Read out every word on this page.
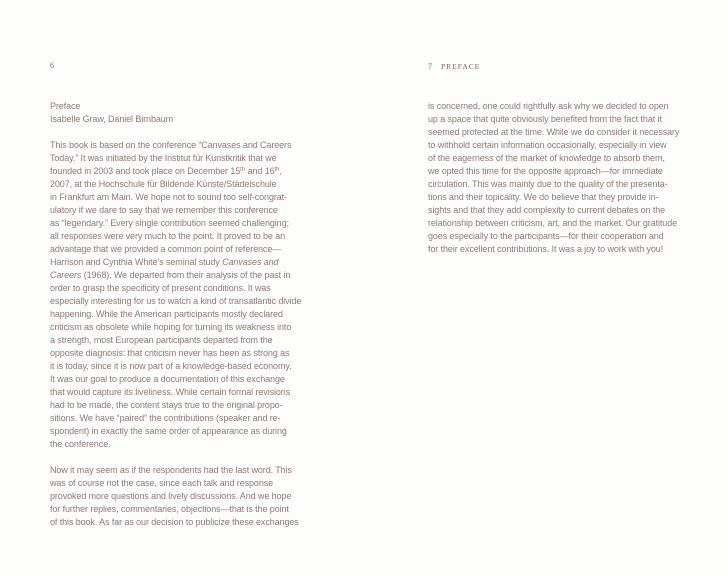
6
Preface
Isabelle Graw, Daniel Birnbaum
This book is based on the conference “Canvases and Careers
Today.” It was initiated by the Institut für Kunstkritik that we
founded in 2003 and took place on December 15th and 16th,
2007, at the Hochschule für Bildende Künste/Städelschule
in Frankfurt am Main. We hope not to sound too self-congrat-
ulatory if we dare to say that we remember this conference
as “legendary.” Every single contribution seemed challenging;
all responses were very much to the point. It proved to be an
advantage that we provided a common point of reference—
Harrison and Cynthia White’s seminal study Canvases and
Careers (1968). We departed from their analysis of the past in
order to grasp the specificity of present conditions. It was
especially interesting for us to watch a kind of transatlantic divide
happening. While the American participants mostly declared
criticism as obsolete while hoping for turning its weakness into
a strength, most European participants departed from the
opposite diagnosis: that criticism never has been as strong as
it is today, since it is now part of a knowledge-based economy.
It was our goal to produce a documentation of this exchange
that would capture its liveliness. While certain formal revisions
had to be made, the content stays true to the original propo-
sitions. We have “paired” the contributions (speaker and re-
spondent) in exactly the same order of appearance as during
the conference.
Now it may seem as if the respondents had the last word. This
was of course not the case, since each talk and response
provoked more questions and lively discussions. And we hope
for further replies, commentaries, objections—that is the point
of this book. As far as our decision to publicize these exchanges
7 PREFACE
is concerned, one could rightfully ask why we decided to open
up a space that quite obviously benefited from the fact that it
seemed protected at the time. While we do consider it necessary
to withhold certain information occasionally, especially in view
of the eagerness of the market of knowledge to absorb them,
we opted this time for the opposite approach—for immediate
circulation. This was mainly due to the quality of the presenta-
tions and their topicality. We do believe that they provide in-
sights and that they add complexity to current debates on the
relationship between criticism, art, and the market. Our gratitude
goes especially to the participants—for their cooperation and
for their excellent contributions. It was a joy to work with you!
